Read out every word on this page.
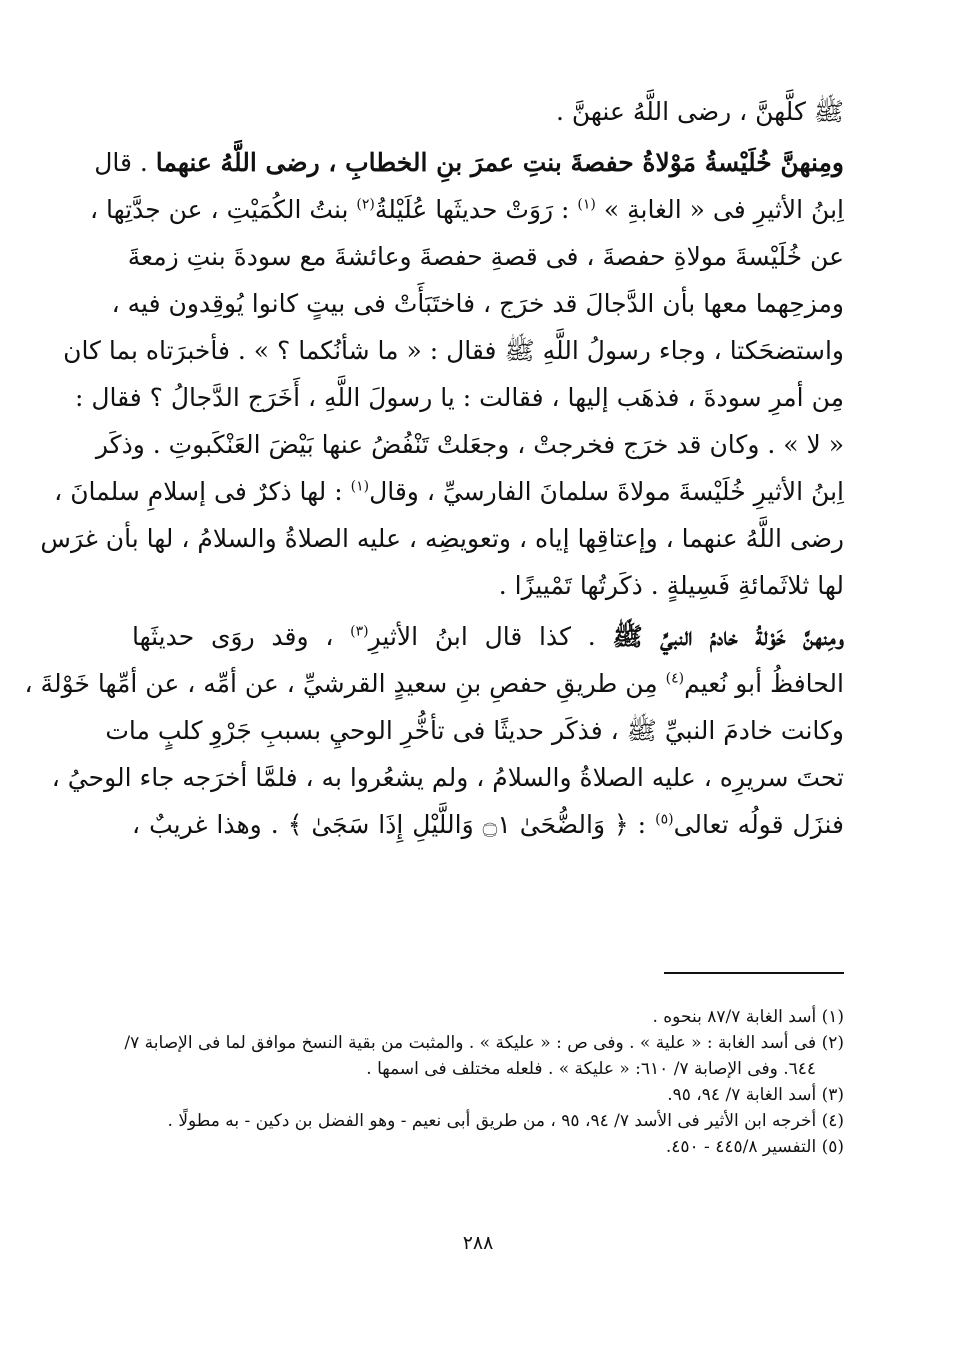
ﷺ كلَّهنَّ ، رضى اللَّهُ عنهنَّ .
ومِنهنَّ خُلَيْسةُ مَوْلاةُ حفصةَ بنتِ عمرَ بنِ الخطابِ ، رضى اللَّهُ عنهما . قال
اِبنُ الأثيرِ فى « الغابةِ » $^{(١)}$ : رَوَتْ حديثَها عُلَيْلةُ$^{(٢)}$ بنتُ الكُمَيْتِ ، عن جدَّتِها ،
عن خُلَيْسةَ مولاةِ حفصةَ ، فى قصةِ حفصةَ وعائشةَ مع سودةَ بنتِ زمعةَ
ومزحِهما معها بأن الدَّجالَ قد خرَج ، فاختَبَأَتْ فى بيتٍ كانوا يُوقِدون فيه ،
واستضحَكتا ، وجاء رسولُ اللَّهِ ﷺ فقال : « ما شأنُكما ؟ » . فأخبرَتاه بما كان
مِن أمرِ سودةَ ، فذهَب إليها ، فقالت : يا رسولَ اللَّهِ ، أَخَرَج الدَّجالُ ؟ فقال :
« لا » . وكان قد خرَج فخرجتْ ، وجعَلتْ تَنْفُضُ عنها بَيْضَ العَنْكَبوتِ . وذكَر
اِبنُ الأثيرِ خُلَيْسةَ مولاةَ سلمانَ الفارسيِّ ، وقال$^{(١)}$ : لها ذكرٌ فى إسلامِ سلمانَ ،
رضى اللَّهُ عنهما ، وإعتاقِها إياه ، وتعويضِه ، عليه الصلاةُ والسلامُ ، لها بأن غرَس
لها ثلاثَمائةِ فَسِيلةٍ . ذكَرتُها تَمْييزًا .
ومِنهنَّ خَوْلةُ خادمُ النبيِّ ﷺ . كذا قال ابنُ الأثيرِ$^{(٣)}$ ، وقد روَى حديثَها
الحافظُ أبو نُعيم$^{(٤)}$ مِن طريقِ حفصِ بنِ سعيدٍ القرشيِّ ، عن أمِّه ، عن أمِّها خَوْلةَ ،
وكانت خادمَ النبيِّ ﷺ ، فذكَر حديثًا فى تأخُّرِ الوحيِ بسببِ جَرْوِ كلبٍ مات
تحتَ سريرِه ، عليه الصلاةُ والسلامُ ، ولم يشعُروا به ، فلمَّا أخرَجه جاء الوحيُ ،
فنزَل قولُه تعالى$^{(٥)}$ : ﴿ وَالضُّحَىٰ ۝١ وَاللَّيْلِ إِذَا سَجَىٰ ﴾ . وهذا غريبٌ ،
(١) أسد الغابة ٨٧/٧ بنحوه .
(٢) فى أسد الغابة : « علية » . وفى ص : « عليكة » . والمثبت من بقية النسخ موافق لما فى الإصابة ٧/
٦٤٤. وفى الإصابة ٧/ ٦١٠: « عليكة » . فلعله مختلف فى اسمها .
(٣) أسد الغابة ٧/ ٩٤، ٩٥.
(٤) أخرجه ابن الأثير فى الأسد ٧/ ٩٤، ٩٥ ، من طريق أبى نعيم - وهو الفضل بن دكين - به مطولًا .
(٥) التفسير ٤٤٥/٨ - ٤٥٠.
٢٨٨
